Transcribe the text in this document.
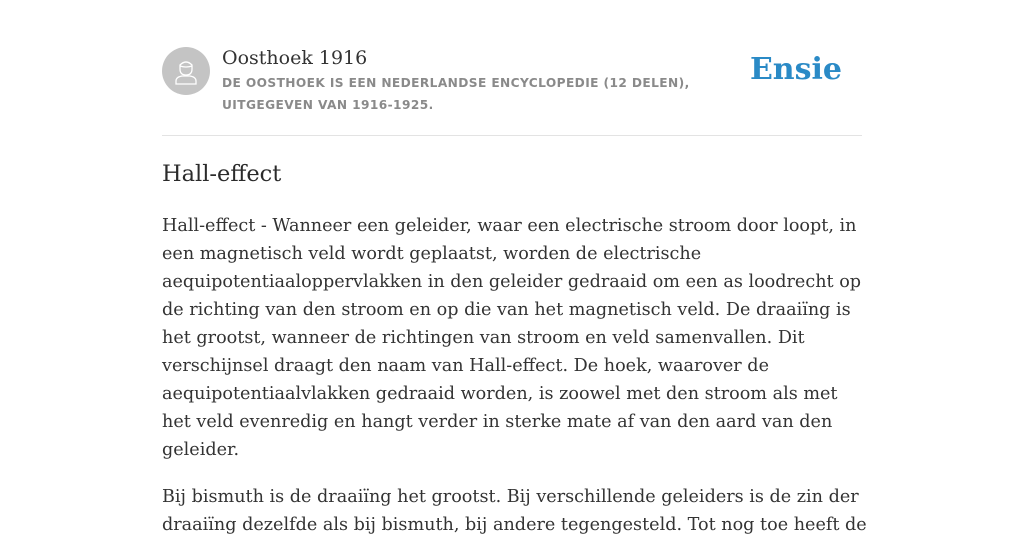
Oosthoek 1916
DE OOSTHOEK IS EEN NEDERLANDSE ENCYCLOPEDIE (12 DELEN), UITGEGEVEN VAN 1916-1925.
Ensie
Hall-effect

Hall-effect - Wanneer een geleider, waar een electrische stroom door loopt, in een magnetisch veld wordt geplaatst, worden de electrische aequipotentiaaloppervlakken in den geleider gedraaid om een as loodrecht op de richting van den stroom en op die van het magnetisch veld. De draaiïng is het grootst, wanneer de richtingen van stroom en veld samenvallen. Dit verschijnsel draagt den naam van Hall-effect. De hoek, waarover de aequipotentiaalvlakken gedraaid worden, is zoowel met den stroom als met het veld evenredig en hangt verder in sterke mate af van den aard van den geleider.

Bij bismuth is de draaiïng het grootst. Bij verschillende geleiders is de zin der draaiïng dezelfde als bij bismuth, bij andere tegengesteld. Tot nog toe heeft de
